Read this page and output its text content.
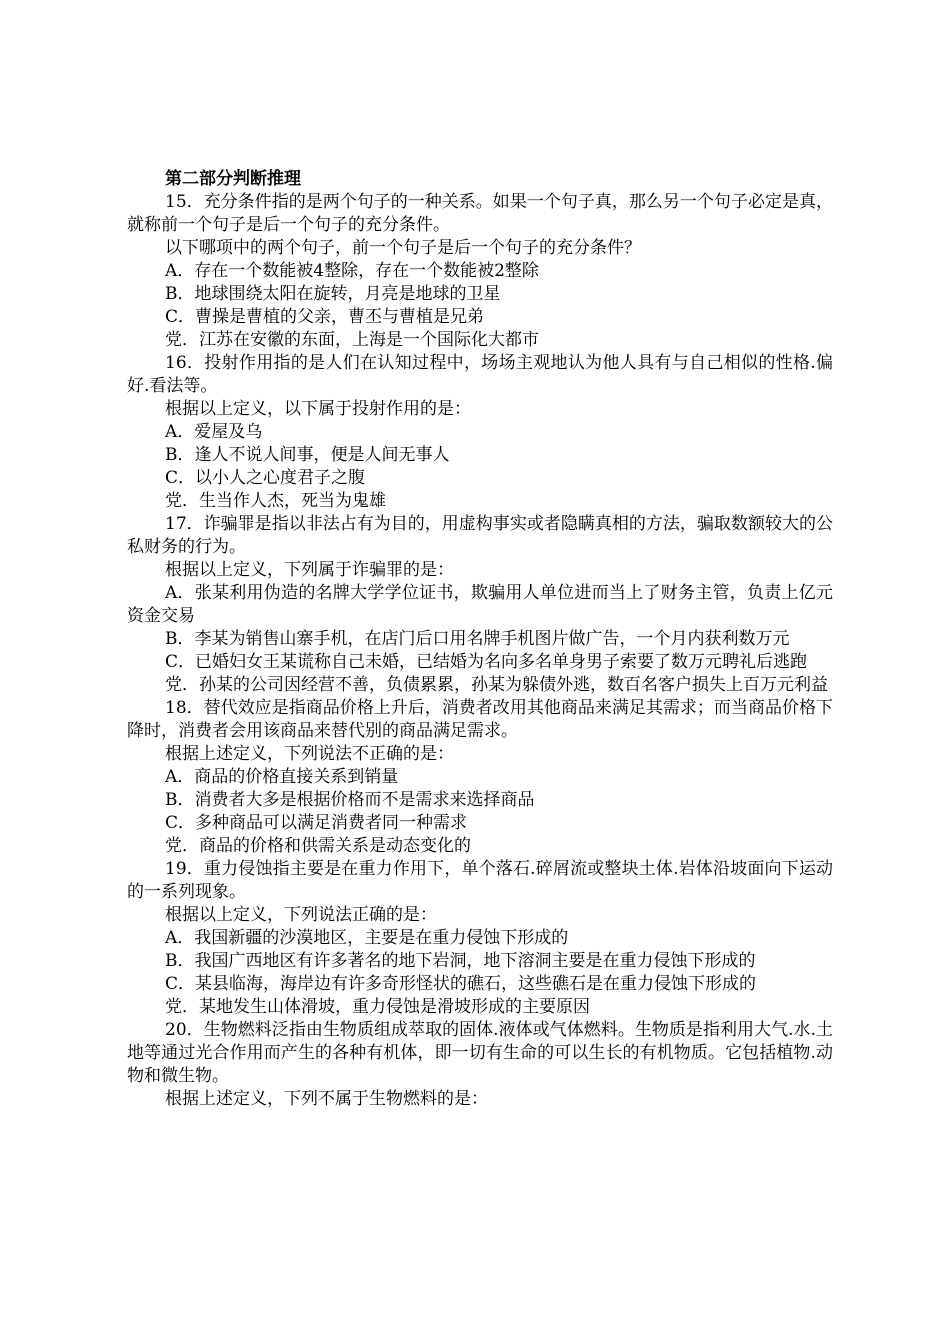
第二部分判断推理

15．充分条件指的是两个句子的一种关系。如果一个句子真，那么另一个句子必定是真，就称前一个句子是后一个句子的充分条件。

以下哪项中的两个句子，前一个句子是后一个句子的充分条件？

A．存在一个数能被4整除，存在一个数能被2整除

B．地球围绕太阳在旋转，月亮是地球的卫星

C．曹操是曹植的父亲，曹丕与曹植是兄弟

党．江苏在安徽的东面，上海是一个国际化大都市

16．投射作用指的是人们在认知过程中，场场主观地认为他人具有与自己相似的性格.偏好.看法等。

根据以上定义，以下属于投射作用的是：

A．爱屋及乌

B．逢人不说人间事，便是人间无事人

C．以小人之心度君子之腹

党．生当作人杰，死当为鬼雄

17．诈骗罪是指以非法占有为目的，用虚构事实或者隐瞒真相的方法，骗取数额较大的公私财务的行为。

根据以上定义，下列属于诈骗罪的是：

A．张某利用伪造的名牌大学学位证书，欺骗用人单位进而当上了财务主管，负责上亿元资金交易

B．李某为销售山寨手机，在店门后口用名牌手机图片做广告，一个月内获利数万元

C．已婚妇女王某谎称自己未婚，已结婚为名向多名单身男子索要了数万元聘礼后逃跑

党．孙某的公司因经营不善，负债累累，孙某为躲债外逃，数百名客户损失上百万元利益

18．替代效应是指商品价格上升后，消费者改用其他商品来满足其需求；而当商品价格下降时，消费者会用该商品来替代别的商品满足需求。

根据上述定义，下列说法不正确的是：

A．商品的价格直接关系到销量

B．消费者大多是根据价格而不是需求来选择商品

C．多种商品可以满足消费者同一种需求

党．商品的价格和供需关系是动态变化的

19．重力侵蚀指主要是在重力作用下，单个落石.碎屑流或整块土体.岩体沿坡面向下运动的一系列现象。

根据以上定义，下列说法正确的是：

A．我国新疆的沙漠地区，主要是在重力侵蚀下形成的

B．我国广西地区有许多著名的地下岩洞，地下溶洞主要是在重力侵蚀下形成的

C．某县临海，海岸边有许多奇形怪状的礁石，这些礁石是在重力侵蚀下形成的

党．某地发生山体滑坡，重力侵蚀是滑坡形成的主要原因

20．生物燃料泛指由生物质组成萃取的固体.液体或气体燃料。生物质是指利用大气.水.土地等通过光合作用而产生的各种有机体，即一切有生命的可以生长的有机物质。它包括植物.动物和微生物。

根据上述定义，下列不属于生物燃料的是：
